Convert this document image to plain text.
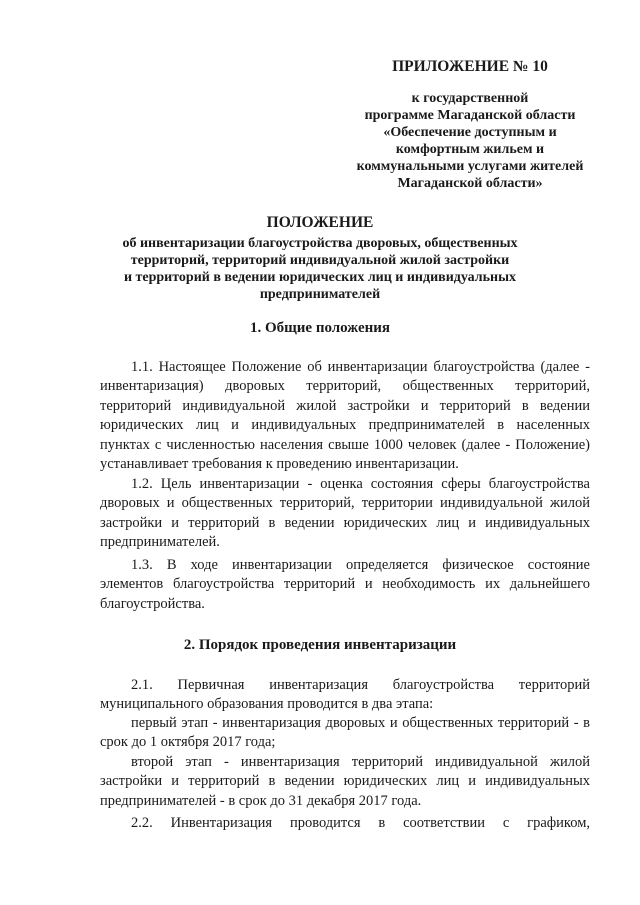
ПРИЛОЖЕНИЕ № 10
к государственной
программе Магаданской области
«Обеспечение доступным и
комфортным жильем и
коммунальными услугами жителей
Магаданской области»
ПОЛОЖЕНИЕ
об инвентаризации благоустройства дворовых, общественных
территорий, территорий индивидуальной жилой застройки
и территорий в ведении юридических лиц и индивидуальных
предпринимателей
1. Общие положения

1.1. Настоящее Положение об инвентаризации благоустройства (далее - инвентаризация) дворовых территорий, общественных территорий, территорий индивидуальной жилой застройки и территорий в ведении юридических лиц и индивидуальных предпринимателей в населенных пунктах с численностью населения свыше 1000 человек (далее - Положение) устанавливает требования к проведению инвентаризации.

1.2. Цель инвентаризации - оценка состояния сферы благоустройства дворовых и общественных территорий, территории индивидуальной жилой застройки и территорий в ведении юридических лиц и индивидуальных предпринимателей.

1.3. В ходе инвентаризации определяется физическое состояние элементов благоустройства территорий и необходимость их дальнейшего благоустройства.

2. Порядок проведения инвентаризации

2.1. Первичная инвентаризация благоустройства территорий муниципального образования проводится в два этапа:

первый этап - инвентаризация дворовых и общественных территорий - в срок до 1 октября 2017 года;

второй этап - инвентаризация территорий индивидуальной жилой застройки и территорий в ведении юридических лиц и индивидуальных предпринимателей - в срок до 31 декабря 2017 года.

2.2. Инвентаризация проводится в соответствии с графиком,
